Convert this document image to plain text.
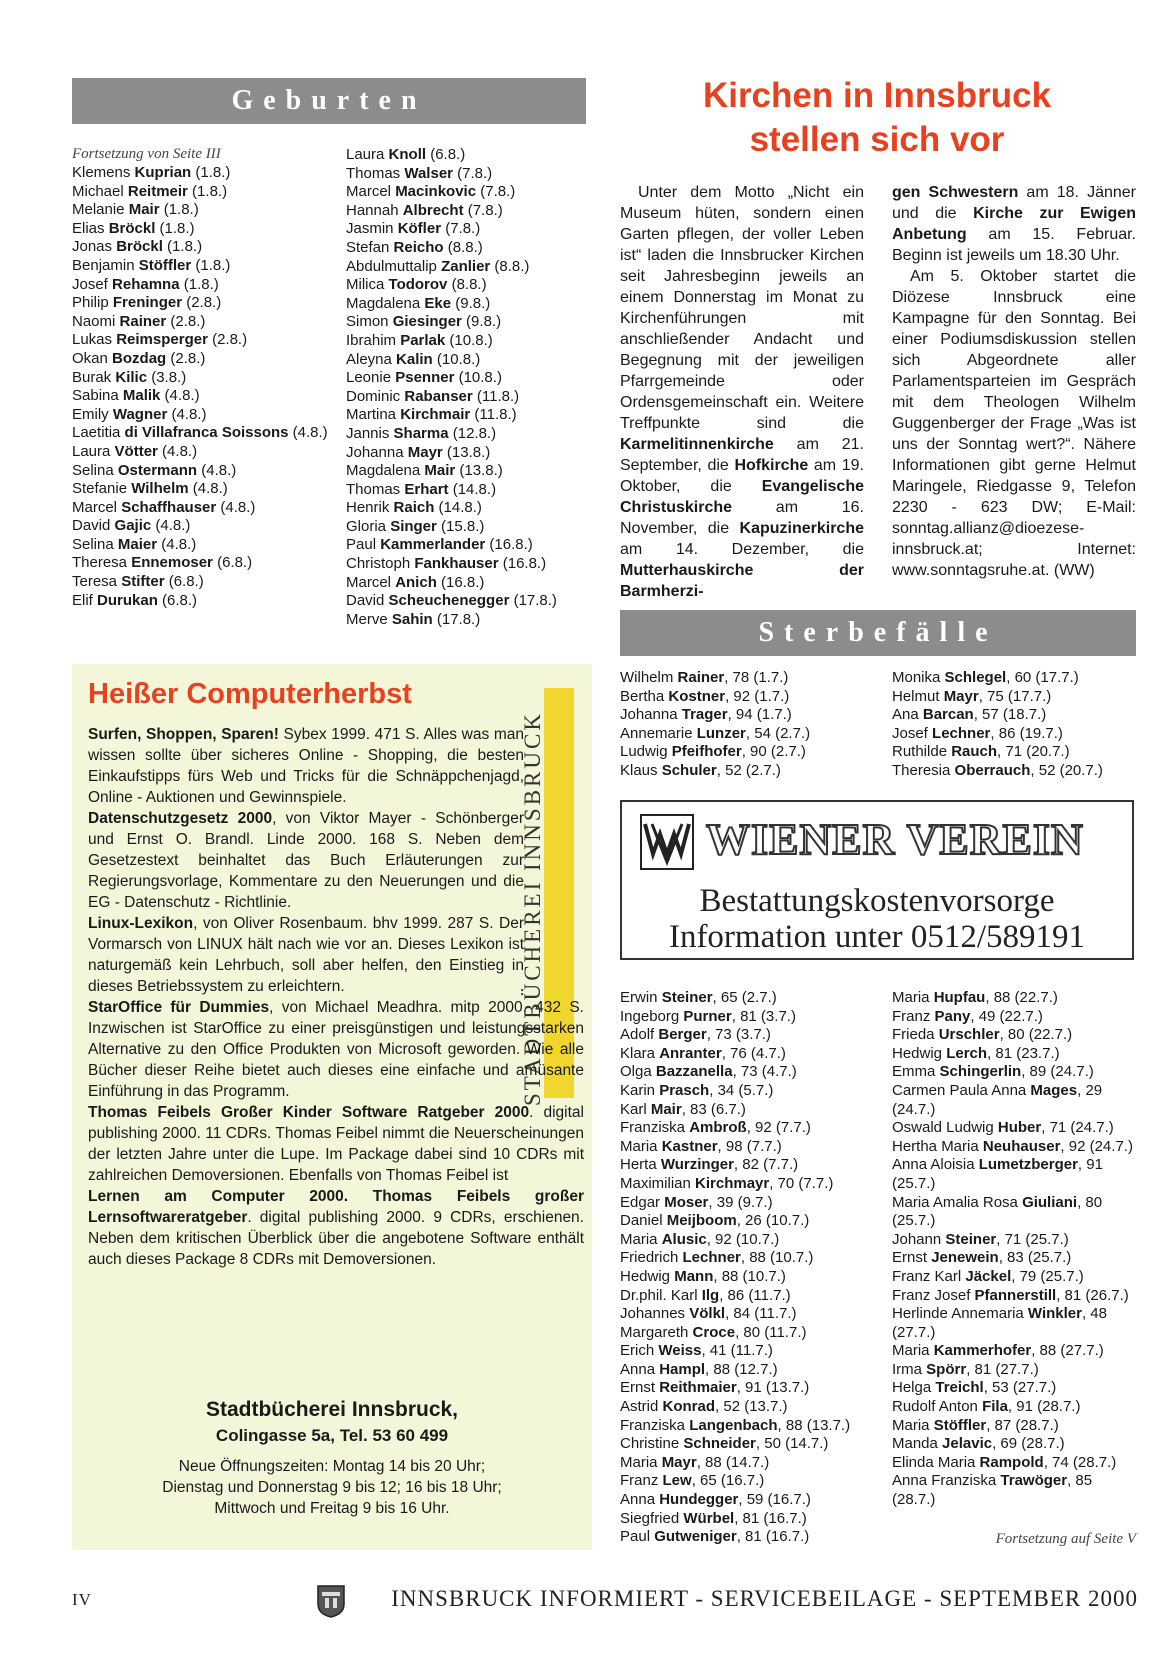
Geburten
Fortsetzung von Seite III
Klemens Kuprian (1.8.)
Michael Reitmeir (1.8.)
Melanie Mair (1.8.)
Elias Bröckl (1.8.)
Jonas Bröckl (1.8.)
Benjamin Stöffler (1.8.)
Josef Rehamna (1.8.)
Philip Freninger (2.8.)
Naomi Rainer (2.8.)
Lukas Reimsperger (2.8.)
Okan Bozdag (2.8.)
Burak Kilic (3.8.)
Sabina Malik (4.8.)
Emily Wagner (4.8.)
Laetitia di Villafranca Soissons (4.8.)
Laura Vötter (4.8.)
Selina Ostermann (4.8.)
Stefanie Wilhelm (4.8.)
Marcel Schaffhauser (4.8.)
David Gajic (4.8.)
Selina Maier (4.8.)
Theresa Ennemoser (6.8.)
Teresa Stifter (6.8.)
Elif Durukan (6.8.)
Laura Knoll (6.8.)
Thomas Walser (7.8.)
Marcel Macinkovic (7.8.)
Hannah Albrecht (7.8.)
Jasmin Köfler (7.8.)
Stefan Reicho (8.8.)
Abdulmuttalip Zanlier (8.8.)
Milica Todorov (8.8.)
Magdalena Eke (9.8.)
Simon Giesinger (9.8.)
Ibrahim Parlak (10.8.)
Aleyna Kalin (10.8.)
Leonie Psenner (10.8.)
Dominic Rabanser (11.8.)
Martina Kirchmair (11.8.)
Jannis Sharma (12.8.)
Johanna Mayr (13.8.)
Magdalena Mair (13.8.)
Thomas Erhart (14.8.)
Henrik Raich (14.8.)
Gloria Singer (15.8.)
Paul Kammerlander (16.8.)
Christoph Fankhauser (16.8.)
Marcel Anich (16.8.)
David Scheuchenegger (17.8.)
Merve Sahin (17.8.)
Kirchen in Innsbruck
stellen sich vor

Unter dem Motto „Nicht ein Museum hüten, sondern einen Garten pflegen, der voller Leben ist“ laden die Innsbrucker Kirchen seit Jahresbeginn jeweils an einem Donnerstag im Monat zu Kirchenführungen mit anschließender Andacht und Begegnung mit der jeweiligen Pfarrgemeinde oder Ordensgemeinschaft ein. Weitere Treffpunkte sind die Karmelitinnenkirche am 21. September, die Hofkirche am 19. Oktober, die Evangelische Christuskirche am 16. November, die Kapuzinerkirche am 14. Dezember, die Mutterhauskirche der Barmherzi-

gen Schwestern am 18. Jänner und die Kirche zur Ewigen Anbetung am 15. Februar. Beginn ist jeweils um 18.30 Uhr.

Am 5. Oktober startet die Diözese Innsbruck eine Kampagne für den Sonntag. Bei einer Podiumsdiskussion stellen sich Abgeordnete aller Parlamentsparteien im Gespräch mit dem Theologen Wilhelm Guggenberger der Frage „Was ist uns der Sonntag wert?“. Nähere Informationen gibt gerne Helmut Maringele, Riedgasse 9, Telefon 2230 - 623 DW; E-Mail: sonntag.allianz@dioezese-innsbruck.at; Internet: www.sonntagsruhe.at. (WW)

Sterbefälle
Wilhelm Rainer, 78 (1.7.)
Bertha Kostner, 92 (1.7.)
Johanna Trager, 94 (1.7.)
Annemarie Lunzer, 54 (2.7.)
Ludwig Pfeifhofer, 90 (2.7.)
Klaus Schuler, 52 (2.7.)
Monika Schlegel, 60 (17.7.)
Helmut Mayr, 75 (17.7.)
Ana Barcan, 57 (18.7.)
Josef Lechner, 86 (19.7.)
Ruthilde Rauch, 71 (20.7.)
Theresia Oberrauch, 52 (20.7.)
WIENER VEREIN
Bestattungskostenvorsorge
Information unter 0512/589191
Erwin Steiner, 65 (2.7.)
Ingeborg Purner, 81 (3.7.)
Adolf Berger, 73 (3.7.)
Klara Anranter, 76 (4.7.)
Olga Bazzanella, 73 (4.7.)
Karin Prasch, 34 (5.7.)
Karl Mair, 83 (6.7.)
Franziska Ambroß, 92 (7.7.)
Maria Kastner, 98 (7.7.)
Herta Wurzinger, 82 (7.7.)
Maximilian Kirchmayr, 70 (7.7.)
Edgar Moser, 39 (9.7.)
Daniel Meijboom, 26 (10.7.)
Maria Alusic, 92 (10.7.)
Friedrich Lechner, 88 (10.7.)
Hedwig Mann, 88 (10.7.)
Dr.phil. Karl Ilg, 86 (11.7.)
Johannes Völkl, 84 (11.7.)
Margareth Croce, 80 (11.7.)
Erich Weiss, 41 (11.7.)
Anna Hampl, 88 (12.7.)
Ernst Reithmaier, 91 (13.7.)
Astrid Konrad, 52 (13.7.)
Franziska Langenbach, 88 (13.7.)
Christine Schneider, 50 (14.7.)
Maria Mayr, 88 (14.7.)
Franz Lew, 65 (16.7.)
Anna Hundegger, 59 (16.7.)
Siegfried Würbel, 81 (16.7.)
Paul Gutweniger, 81 (16.7.)
Maria Hupfau, 88 (22.7.)
Franz Pany, 49 (22.7.)
Frieda Urschler, 80 (22.7.)
Hedwig Lerch, 81 (23.7.)
Emma Schingerlin, 89 (24.7.)
Carmen Paula Anna Mages, 29 (24.7.)
Oswald Ludwig Huber, 71 (24.7.)
Hertha Maria Neuhauser, 92 (24.7.)
Anna Aloisia Lumetzberger, 91 (25.7.)
Maria Amalia Rosa Giuliani, 80 (25.7.)
Johann Steiner, 71 (25.7.)
Ernst Jenewein, 83 (25.7.)
Franz Karl Jäckel, 79 (25.7.)
Franz Josef Pfannerstill, 81 (26.7.)
Herlinde Annemaria Winkler, 48 (27.7.)
Maria Kammerhofer, 88 (27.7.)
Irma Spörr, 81 (27.7.)
Helga Treichl, 53 (27.7.)
Rudolf Anton Fila, 91 (28.7.)
Maria Stöffler, 87 (28.7.)
Manda Jelavic, 69 (28.7.)
Elinda Maria Rampold, 74 (28.7.)
Anna Franziska Trawöger, 85 (28.7.)
Fortsetzung auf Seite V
Heißer Computerherbst
STADTBÜCHEREI INNSBRUCK

Surfen, Shoppen, Sparen! Sybex 1999. 471 S. Alles was man wissen sollte über sicheres Online - Shopping, die besten Einkaufstipps fürs Web und Tricks für die Schnäppchenjagd, Online - Auktionen und Gewinnspiele.

Datenschutzgesetz 2000, von Viktor Mayer - Schönberger und Ernst O. Brandl. Linde 2000. 168 S. Neben dem Gesetzestext beinhaltet das Buch Erläuterungen zur Regierungsvorlage, Kommentare zu den Neuerungen und die EG - Datenschutz - Richtlinie.

Linux-Lexikon, von Oliver Rosenbaum. bhv 1999. 287 S. Der Vormarsch von LINUX hält nach wie vor an. Dieses Lexikon ist naturgemäß kein Lehrbuch, soll aber helfen, den Einstieg in dieses Betriebssystem zu erleichtern.

StarOffice für Dummies, von Michael Meadhra. mitp 2000, 432 S. Inzwischen ist StarOffice zu einer preisgünstigen und leistungsstarken Alternative zu den Office Produkten von Microsoft geworden. Wie alle Bücher dieser Reihe bietet auch dieses eine einfache und amüsante Einführung in das Programm.

Thomas Feibels Großer Kinder Software Ratgeber 2000. digital publishing 2000. 11 CDRs. Thomas Feibel nimmt die Neuerscheinungen der letzten Jahre unter die Lupe. Im Package dabei sind 10 CDRs mit zahlreichen Demoversionen. Ebenfalls von Thomas Feibel ist

Lernen am Computer 2000. Thomas Feibels großer Lernsoftwareratgeber. digital publishing 2000. 9 CDRs, erschienen. Neben dem kritischen Überblick über die angebotene Software enthält auch dieses Package 8 CDRs mit Demoversionen.

Stadtbücherei Innsbruck,
Colingasse 5a, Tel. 53 60 499
Neue Öffnungszeiten: Montag 14 bis 20 Uhr;
Dienstag und Donnerstag 9 bis 12; 16 bis 18 Uhr;
Mittwoch und Freitag 9 bis 16 Uhr.
IV	INNSBRUCK INFORMIERT - SERVICEBEILAGE - SEPTEMBER 2000
